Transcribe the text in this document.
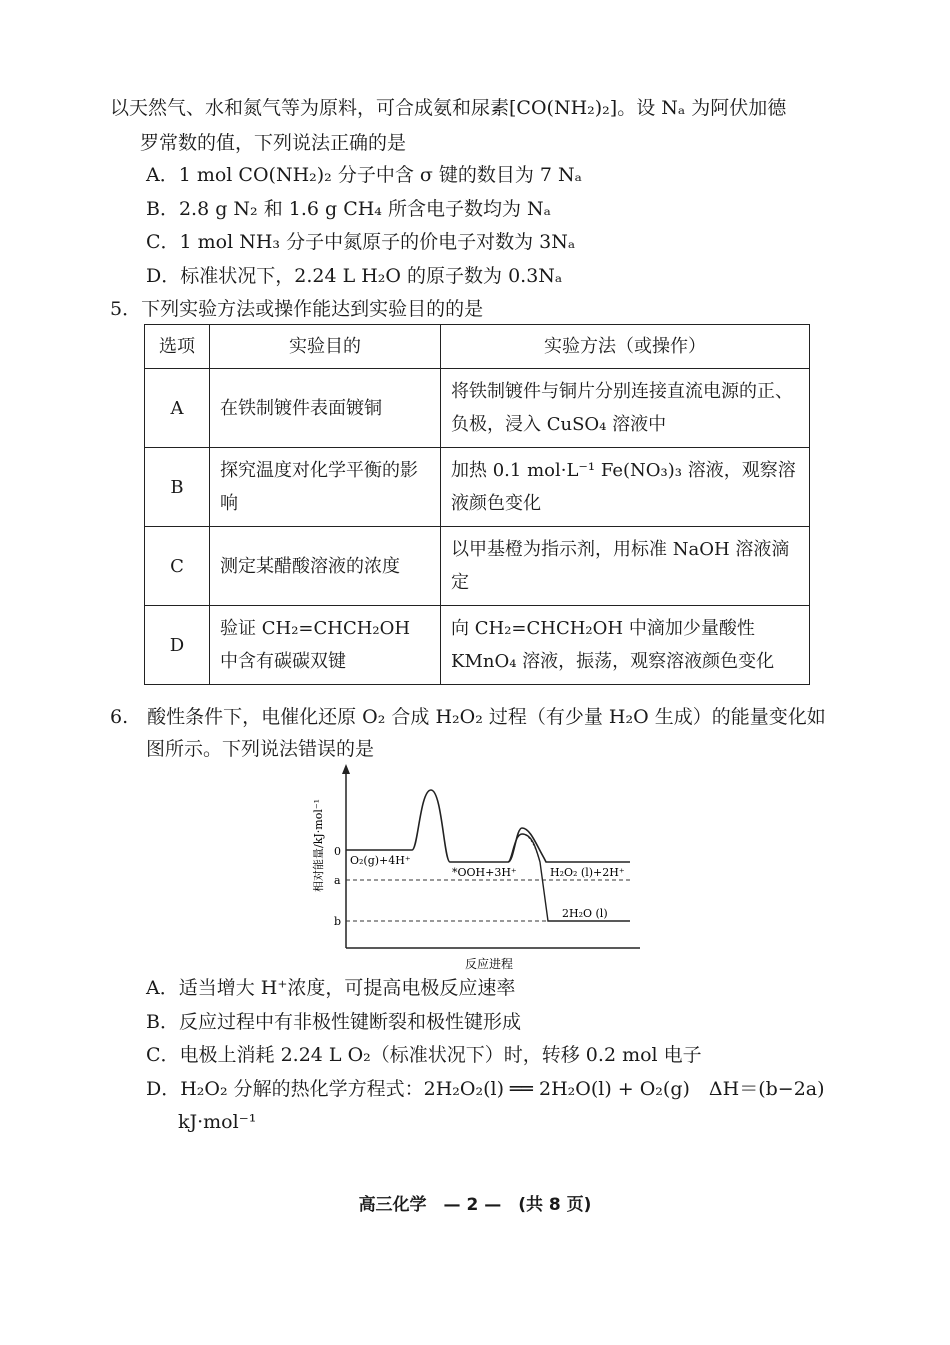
以天然气、水和氮气等为原料，可合成氨和尿素[CO(NH₂)₂]。设 Nₐ 为阿伏加德
罗常数的值，下列说法正确的是
A．1 mol CO(NH₂)₂ 分子中含 σ 键的数目为 7 Nₐ
B．2.8 g N₂ 和 1.6 g CH₄ 所含电子数均为 Nₐ
C．1 mol NH₃ 分子中氮原子的价电子对数为 3Nₐ
D．标准状况下，2.24 L H₂O 的原子数为 0.3Nₐ
5．下列实验方法或操作能达到实验目的的是
选项	实验目的	实验方法（或操作）
A	在铁制镀件表面镀铜	将铁制镀件与铜片分别连接直流电源的正、负极，浸入 CuSO₄ 溶液中
B	探究温度对化学平衡的影响	加热 0.1 mol·L⁻¹ Fe(NO₃)₃ 溶液，观察溶液颜色变化
C	测定某醋酸溶液的浓度	以甲基橙为指示剂，用标准 NaOH 溶液滴定
D	验证 CH₂=CHCH₂OH 中含有碳碳双键	向 CH₂=CHCH₂OH 中滴加少量酸性 KMnO₄ 溶液，振荡，观察溶液颜色变化
6.　酸性条件下，电催化还原 O₂ 合成 H₂O₂ 过程（有少量 H₂O 生成）的能量变化如
图所示。下列说法错误的是
相对能量/kJ·mol⁻¹ 0
a
b
O₂(g)+4H⁺
*OOH+3H⁺	H₂O₂ (l)+2H⁺
2H₂O (l)
反应进程
A．适当增大 H⁺浓度，可提高电极反应速率
B．反应过程中有非极性键断裂和极性键形成
C．电极上消耗 2.24 L O₂（标准状况下）时，转移 0.2 mol 电子
D．H₂O₂ 分解的热化学方程式：2H₂O₂(l) ══ 2H₂O(l) + O₂(g)　ΔH＝(b−2a)
kJ·mol⁻¹
高三化学　— 2 —　(共 8 页)
